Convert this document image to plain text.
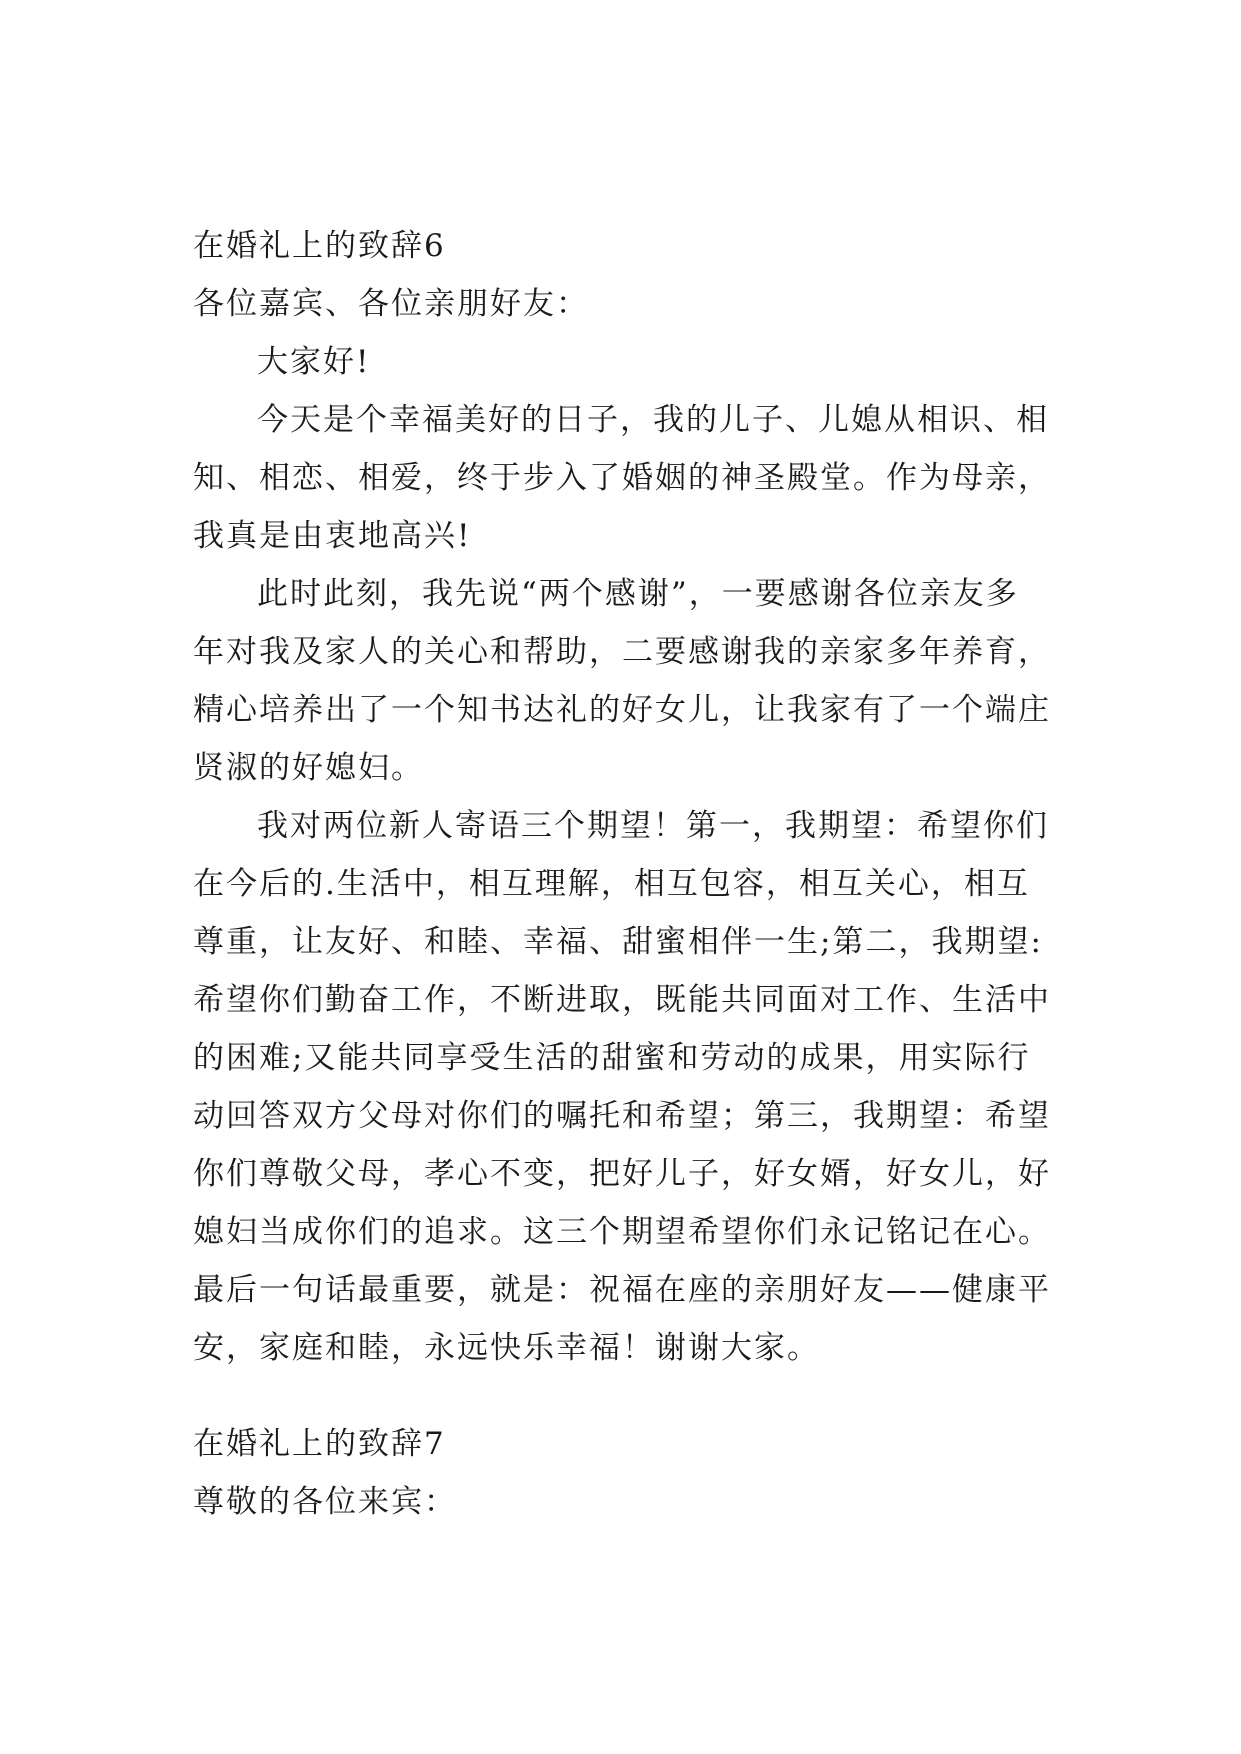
在婚礼上的致辞6
各位嘉宾、各位亲朋好友：
大家好!
今天是个幸福美好的日子，我的儿子、儿媳从相识、相
知、相恋、相爱，终于步入了婚姻的神圣殿堂。作为母亲，
我真是由衷地高兴!
此时此刻，我先说“两个感谢”，一要感谢各位亲友多
年对我及家人的关心和帮助，二要感谢我的亲家多年养育，
精心培养出了一个知书达礼的好女儿，让我家有了一个端庄
贤淑的好媳妇。
我对两位新人寄语三个期望！第一，我期望：希望你们
在今后的.生活中，相互理解，相互包容，相互关心，相互
尊重，让友好、和睦、幸福、甜蜜相伴一生;第二，我期望:
希望你们勤奋工作，不断进取，既能共同面对工作、生活中
的困难;又能共同享受生活的甜蜜和劳动的成果，用实际行
动回答双方父母对你们的嘱托和希望；第三，我期望：希望
你们尊敬父母，孝心不变，把好儿子，好女婿，好女儿，好
媳妇当成你们的追求。这三个期望希望你们永记铭记在心。
最后一句话最重要，就是：祝福在座的亲朋好友——健康平
安，家庭和睦，永远快乐幸福！谢谢大家。
在婚礼上的致辞7
尊敬的各位来宾：
